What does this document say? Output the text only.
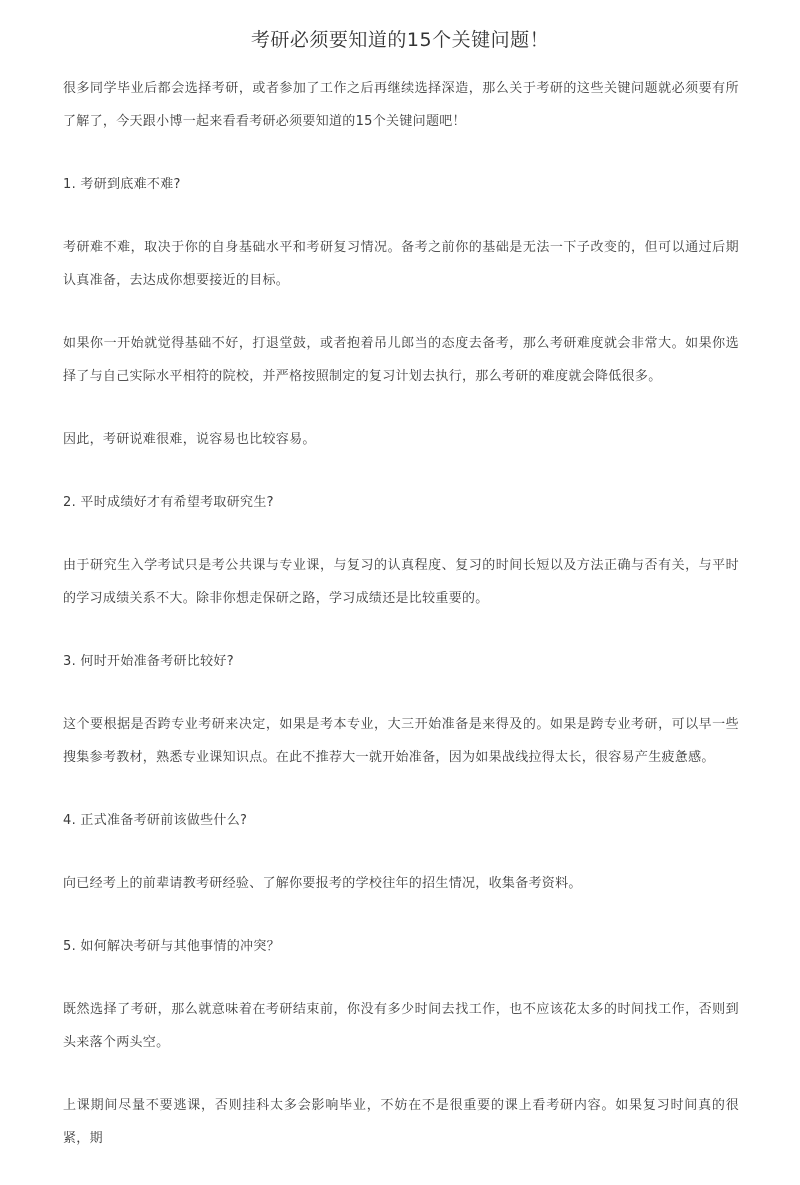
考研必须要知道的15个关键问题！

很多同学毕业后都会选择考研，或者参加了工作之后再继续选择深造，那么关于考研的这些关键问题就必须要有所了解了，今天跟小博一起来看看考研必须要知道的15个关键问题吧！

1. 考研到底难不难?

考研难不难，取决于你的自身基础水平和考研复习情况。备考之前你的基础是无法一下子改变的，但可以通过后期认真准备，去达成你想要接近的目标。

如果你一开始就觉得基础不好，打退堂鼓，或者抱着吊儿郎当的态度去备考，那么考研难度就会非常大。如果你选择了与自己实际水平相符的院校，并严格按照制定的复习计划去执行，那么考研的难度就会降低很多。

因此，考研说难很难，说容易也比较容易。

2. 平时成绩好才有希望考取研究生?

由于研究生入学考试只是考公共课与专业课，与复习的认真程度、复习的时间长短以及方法正确与否有关，与平时的学习成绩关系不大。除非你想走保研之路，学习成绩还是比较重要的。

3. 何时开始准备考研比较好?

这个要根据是否跨专业考研来决定，如果是考本专业，大三开始准备是来得及的。如果是跨专业考研，可以早一些搜集参考教材，熟悉专业课知识点。在此不推荐大一就开始准备，因为如果战线拉得太长，很容易产生疲惫感。

4. 正式准备考研前该做些什么?

向已经考上的前辈请教考研经验、了解你要报考的学校往年的招生情况，收集备考资料。

5. 如何解决考研与其他事情的冲突？

既然选择了考研，那么就意味着在考研结束前，你没有多少时间去找工作，也不应该花太多的时间找工作，否则到头来落个两头空。

上课期间尽量不要逃课，否则挂科太多会影响毕业，不妨在不是很重要的课上看考研内容。如果复习时间真的很紧，期
